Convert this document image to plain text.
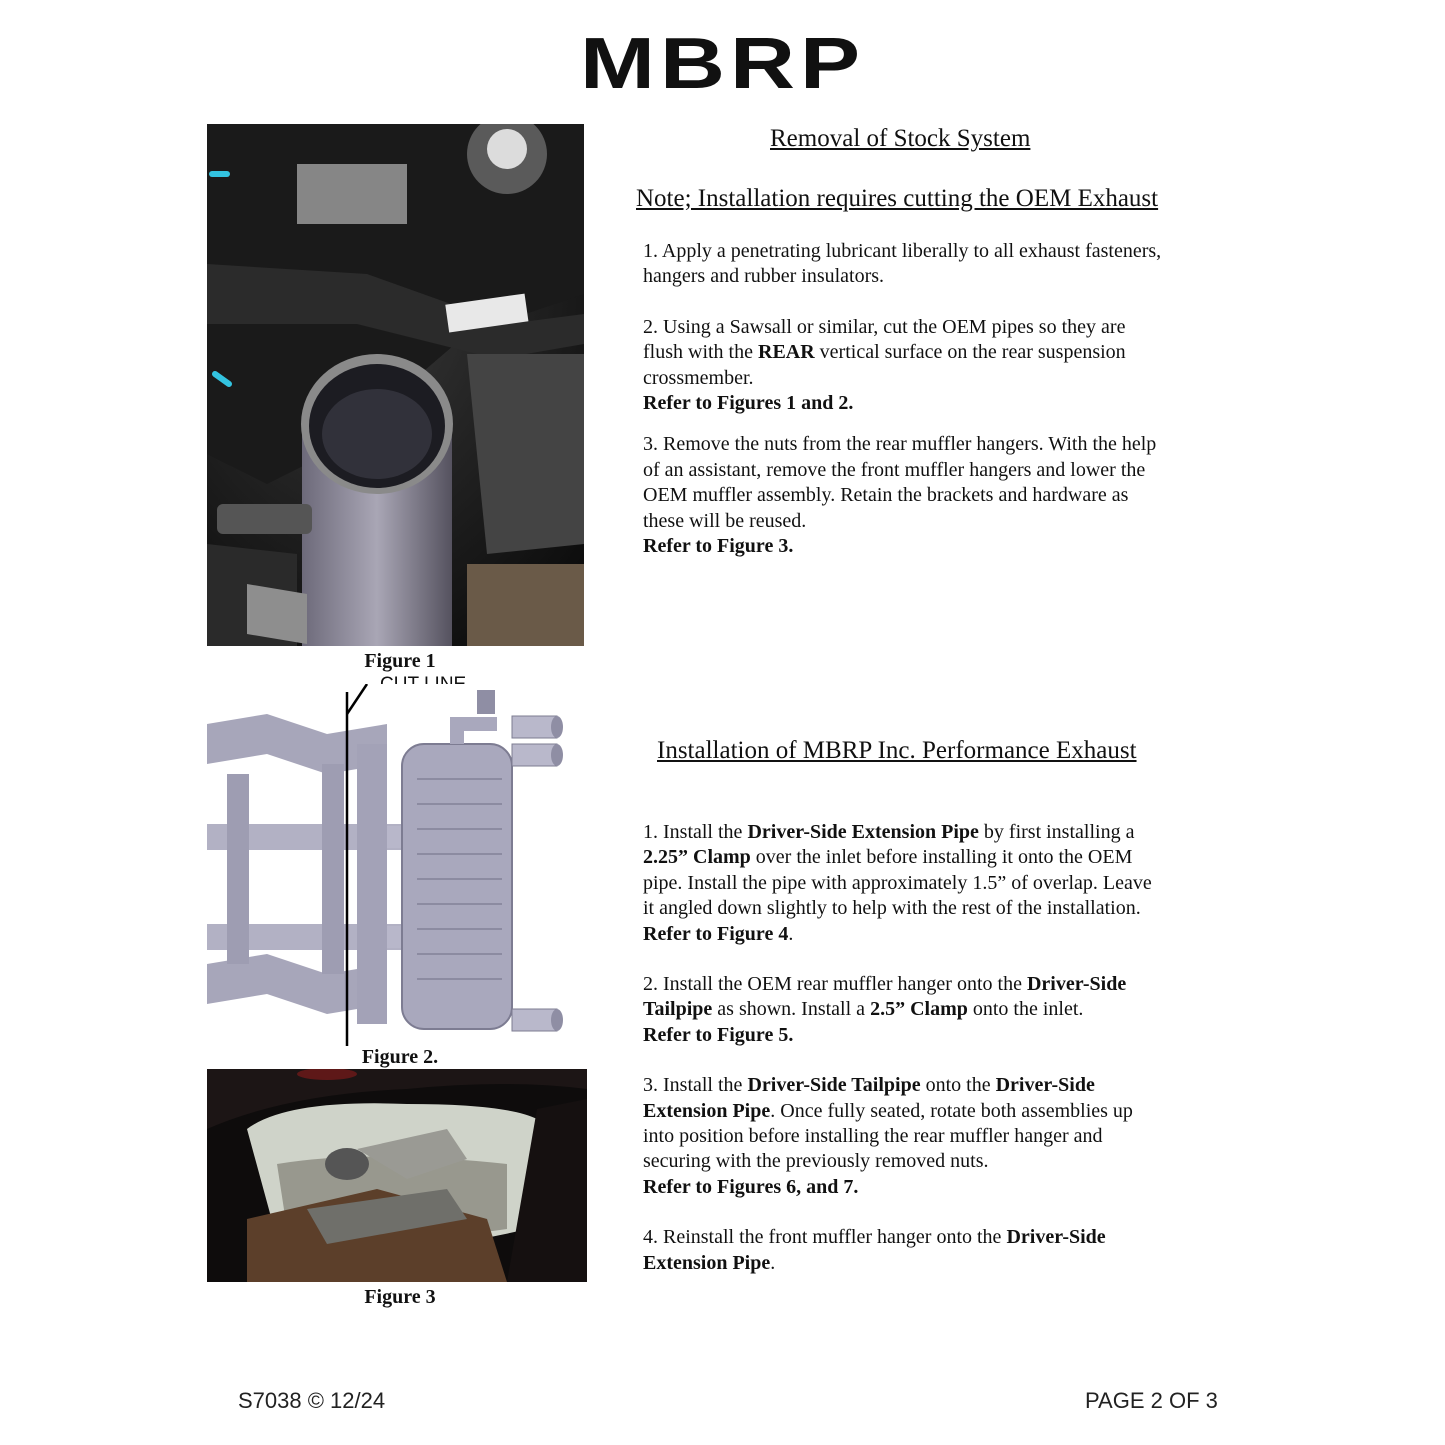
MBRP
Figure 1
Figure 2.
Figure 3
Removal of Stock System
Note; Installation requires cutting the OEM Exhaust

1. Apply a penetrating lubricant liberally to all exhaust fasteners, hangers and rubber insulators.

2. Using a Sawsall or similar, cut the OEM pipes so they are flush with the REAR vertical surface on the rear suspension crossmember.
Refer to Figures 1 and 2.

3. Remove the nuts from the rear muffler hangers. With the help of an assistant, remove the front muffler hangers and lower the OEM muffler assembly. Retain the brackets and hardware as these will be reused.
Refer to Figure 3.

Installation of MBRP Inc. Performance Exhaust

1. Install the Driver-Side Extension Pipe by first installing a 2.25” Clamp over the inlet before installing it onto the OEM pipe. Install the pipe with approximately 1.5” of overlap. Leave it angled down slightly to help with the rest of the installation.
Refer to Figure 4.

2. Install the OEM rear muffler hanger onto the Driver-Side Tailpipe as shown. Install a 2.5” Clamp onto the inlet.
Refer to Figure 5.

3. Install the Driver-Side Tailpipe onto the Driver-Side Extension Pipe. Once fully seated, rotate both assemblies up into position before installing the rear muffler hanger and securing with the previously removed nuts.
Refer to Figures 6, and 7.

4. Reinstall the front muffler hanger onto the Driver-Side Extension Pipe.

S7038 © 12/24	PAGE 2 OF 3
